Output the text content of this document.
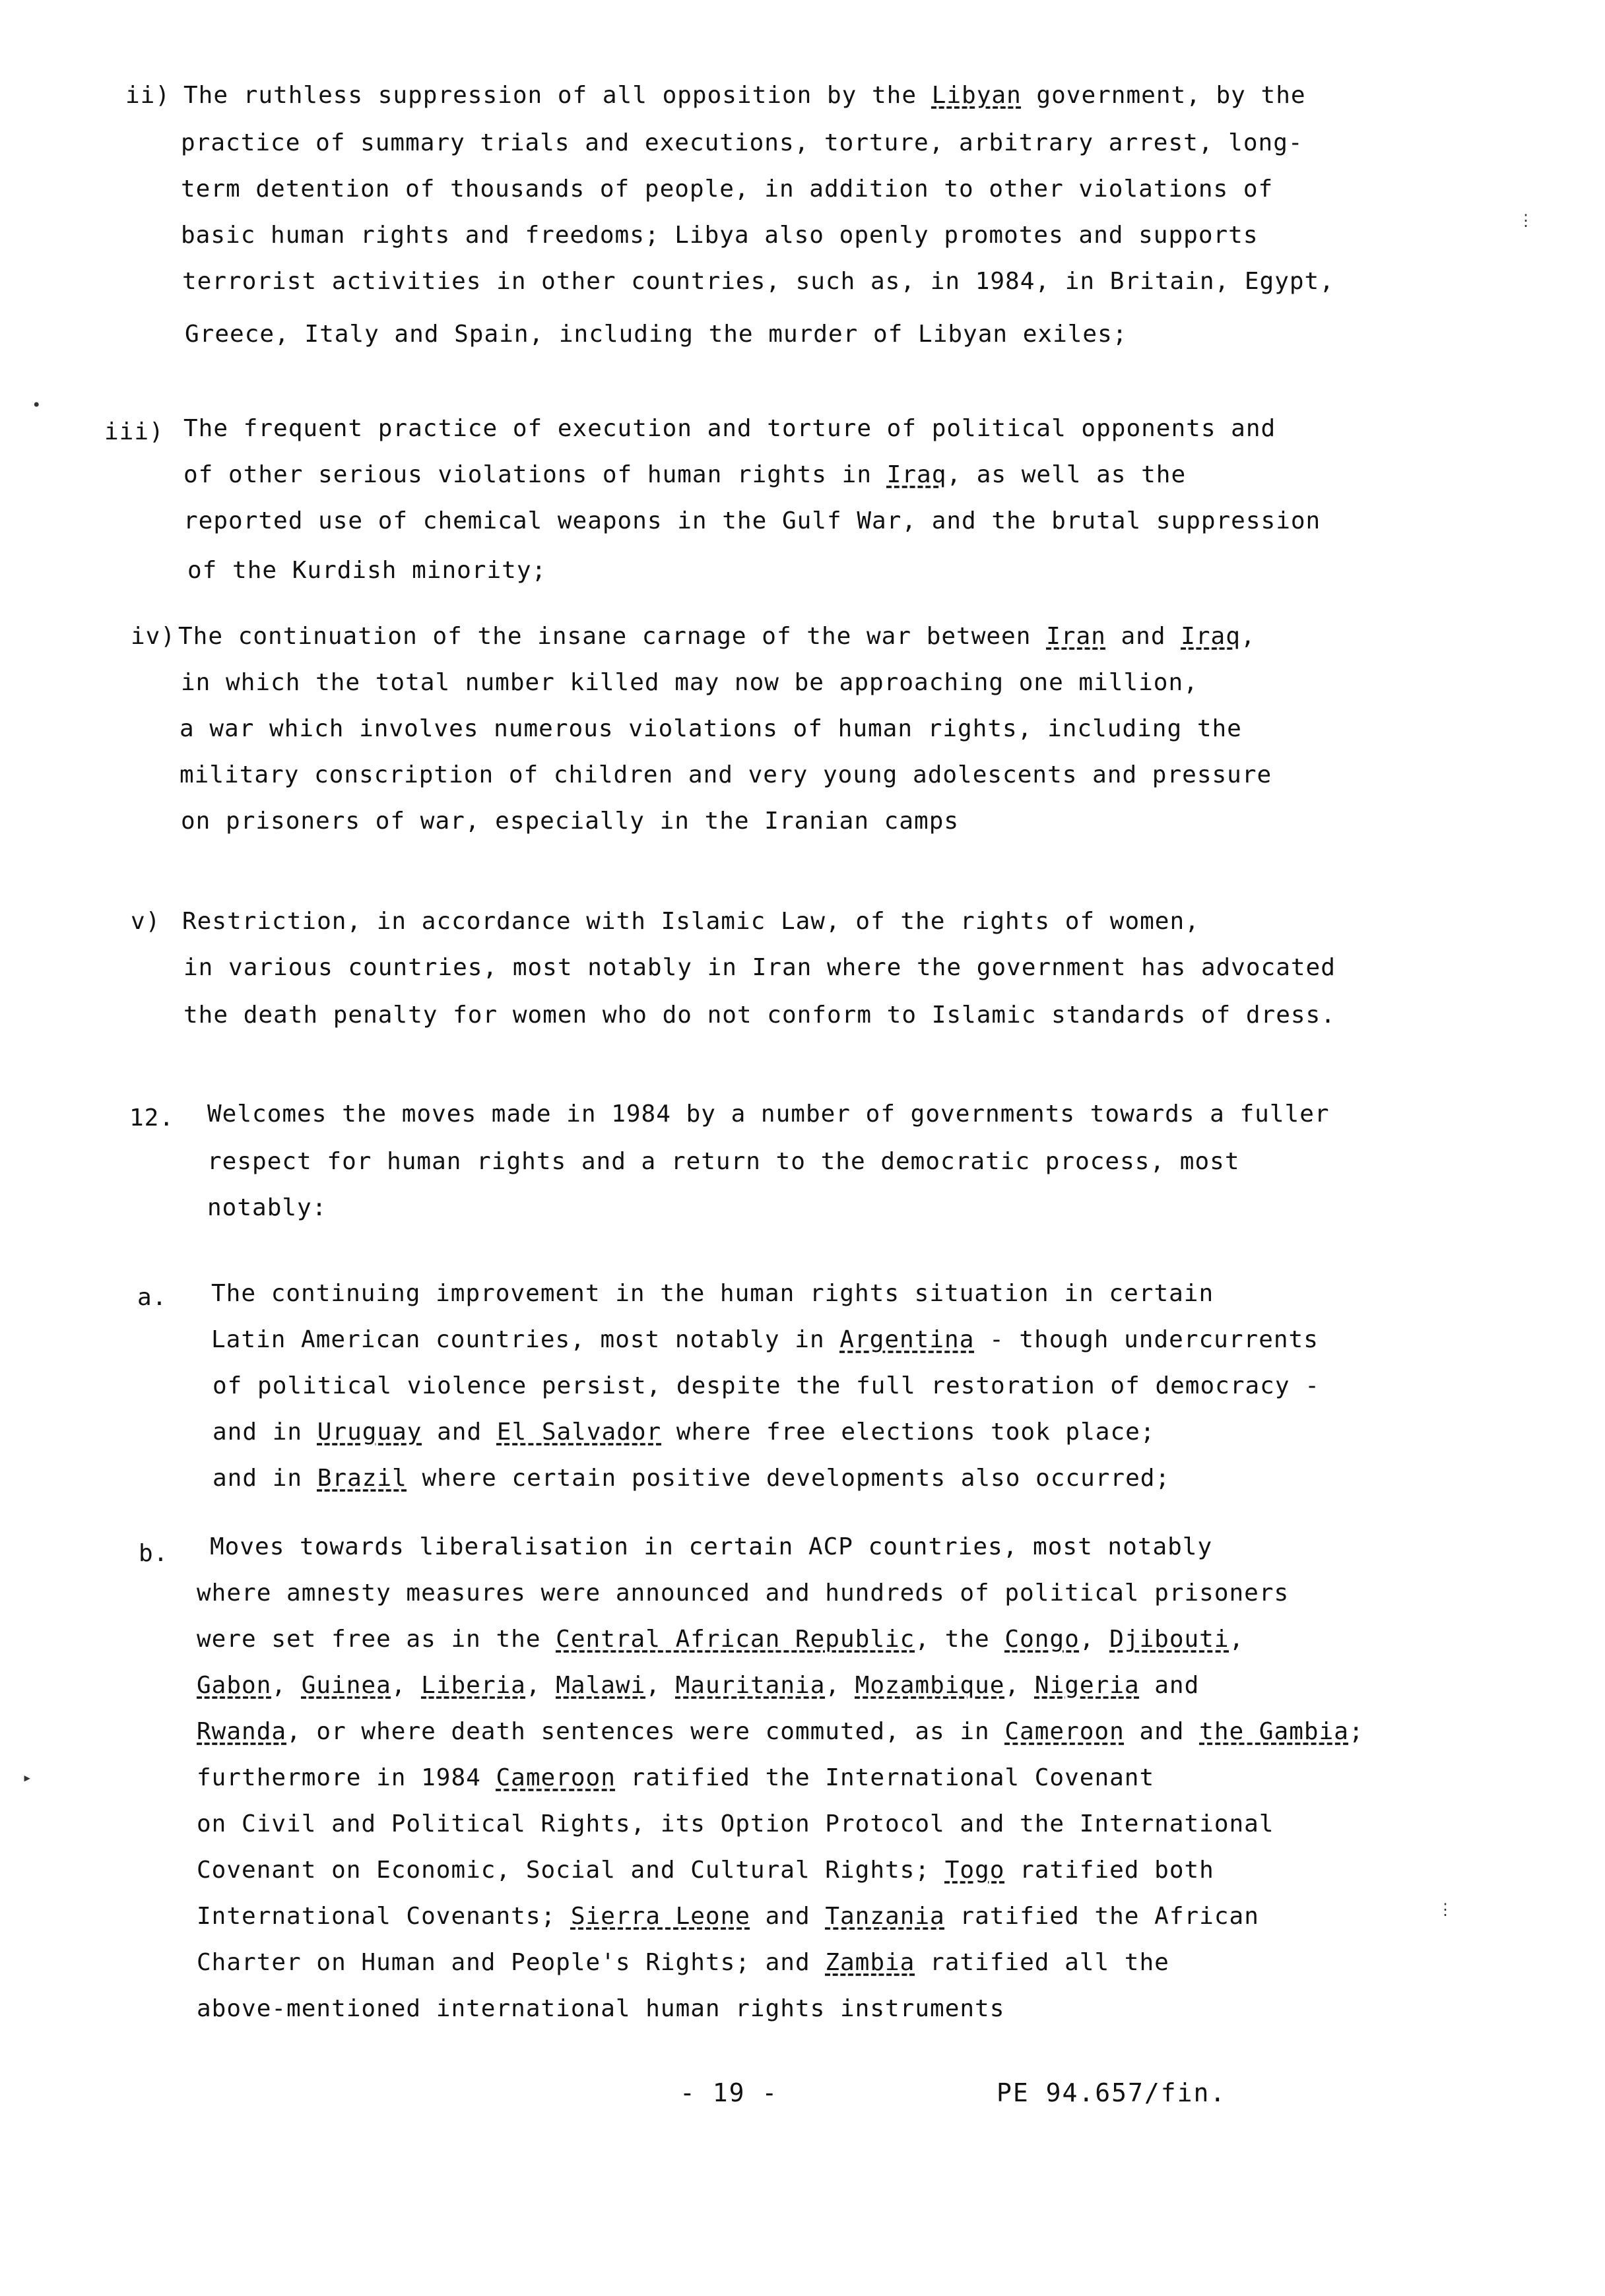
ii) The ruthless suppression of all opposition by the Libyan government, by the
practice of summary trials and executions, torture, arbitrary arrest, long-
term detention of thousands of people, in addition to other violations of
basic human rights and freedoms; Libya also openly promotes and supports
terrorist activities in other countries, such as, in 1984, in Britain, Egypt,
Greece, Italy and Spain, including the murder of Libyan exiles;
iii) The frequent practice of execution and torture of political opponents and
of other serious violations of human rights in Iraq, as well as the
reported use of chemical weapons in the Gulf War, and the brutal suppression
of the Kurdish minority;
iv) The continuation of the insane carnage of the war between Iran and Iraq,
in which the total number killed may now be approaching one million,
a war which involves numerous violations of human rights, including the
military conscription of children and very young adolescents and pressure
on prisoners of war, especially in the Iranian camps
v) Restriction, in accordance with Islamic Law, of the rights of women,
in various countries, most notably in Iran where the government has advocated
the death penalty for women who do not conform to Islamic standards of dress.
12. Welcomes the moves made in 1984 by a number of governments towards a fuller
respect for human rights and a return to the democratic process, most
notably:
a. The continuing improvement in the human rights situation in certain
Latin American countries, most notably in Argentina - though undercurrents
of political violence persist, despite the full restoration of democracy -
and in Uruguay and El Salvador where free elections took place;
and in Brazil where certain positive developments also occurred;
b. Moves towards liberalisation in certain ACP countries, most notably
where amnesty measures were announced and hundreds of political prisoners
were set free as in the Central African Republic, the Congo, Djibouti,
Gabon, Guinea, Liberia, Malawi, Mauritania, Mozambique, Nigeria and
Rwanda, or where death sentences were commuted, as in Cameroon and the Gambia;
furthermore in 1984 Cameroon ratified the International Covenant
on Civil and Political Rights, its Option Protocol and the International
Covenant on Economic, Social and Cultural Rights; Togo ratified both
International Covenants; Sierra Leone and Tanzania ratified the African
Charter on Human and People's Rights; and Zambia ratified all the
above-mentioned international human rights instruments
- 19 -	PE 94.657/fin.
•
⋮
⋮
▸
